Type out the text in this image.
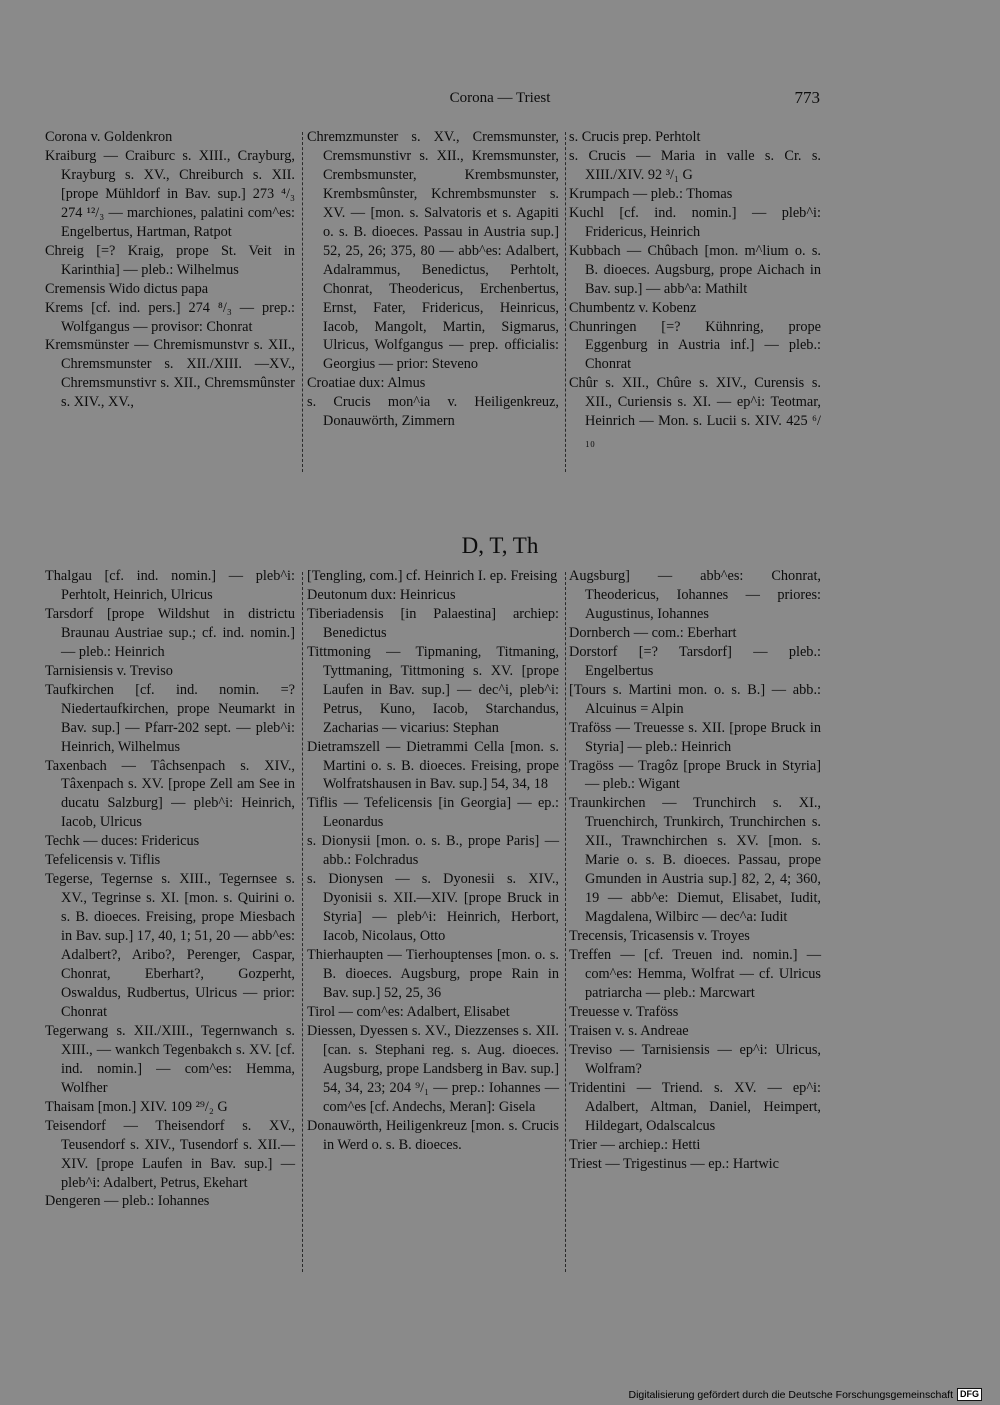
Corona — Triest	773

Corona v. Goldenkron

Kraiburg — Craiburc s. XIII., Crayburg, Krayburg s. XV., Chreiburch s. XII. [prope Mühldorf in Bav. sup.] 273 ⁴/₃ 274 ¹²/₃ — marchiones, palatini com^es: Engelbertus, Hartman, Ratpot

Chreig [=? Kraig, prope St. Veit in Karinthia] — pleb.: Wilhelmus

Cremensis Wido dictus papa

Krems [cf. ind. pers.] 274 ⁸/₃ — prep.: Wolfgangus — provisor: Chonrat

Kremsmünster — Chremismunstvr s. XII., Chremsmunster s. XII./XIII. —XV., Chremsmunstivr s. XII., Chremsmûnster s. XIV., XV.,

Chremzmunster s. XV., Cremsmunster, Cremsmunstivr s. XII., Kremsmunster, Crembsmunster, Krembsmunster, Krembsmûnster, Kchrembsmunster s. XV. — [mon. s. Salvatoris et s. Agapiti o. s. B. dioeces. Passau in Austria sup.] 52, 25, 26; 375, 80 — abb^es: Adalbert, Adalrammus, Benedictus, Perhtolt, Chonrat, Theodericus, Erchenbertus, Ernst, Fater, Fridericus, Heinricus, Iacob, Mangolt, Martin, Sigmarus, Ulricus, Wolfgangus — prep. officialis: Georgius — prior: Steveno

Croatiae dux: Almus

s. Crucis mon^ia v. Heiligenkreuz, Donauwörth, Zimmern

s. Crucis prep. Perhtolt

s. Crucis — Maria in valle s. Cr. s. XIII./XIV. 92 ³/₁ G

Krumpach — pleb.: Thomas

Kuchl [cf. ind. nomin.] — pleb^i: Fridericus, Heinrich

Kubbach — Chûbach [mon. m^lium o. s. B. dioeces. Augsburg, prope Aichach in Bav. sup.] — abb^a: Mathilt

Chumbentz v. Kobenz

Chunringen [=? Kühnring, prope Eggenburg in Austria inf.] — pleb.: Chonrat

Chûr s. XII., Chûre s. XIV., Curensis s. XII., Curiensis s. XI. — ep^i: Teotmar, Heinrich — Mon. s. Lucii s. XIV. 425 ⁶/₁₀

D, T, Th

Thalgau [cf. ind. nomin.] — pleb^i: Perhtolt, Heinrich, Ulricus

Tarsdorf [prope Wildshut in districtu Braunau Austriae sup.; cf. ind. nomin.] — pleb.: Heinrich

Tarnisiensis v. Treviso

Taufkirchen [cf. ind. nomin. =? Niedertaufkirchen, prope Neumarkt in Bav. sup.] — Pfarr-202 sept. — pleb^i: Heinrich, Wilhelmus

Taxenbach — Tâchsenpach s. XIV., Tâxenpach s. XV. [prope Zell am See in ducatu Salzburg] — pleb^i: Heinrich, Iacob, Ulricus

Techk — duces: Fridericus

Tefelicensis v. Tiflis

Tegerse, Tegernse s. XIII., Tegernsee s. XV., Tegrinse s. XI. [mon. s. Quirini o. s. B. dioeces. Freising, prope Miesbach in Bav. sup.] 17, 40, 1; 51, 20 — abb^es: Adalbert?, Aribo?, Perenger, Caspar, Chonrat, Eberhart?, Gozperht, Oswaldus, Rudbertus, Ulricus — prior: Chonrat

Tegerwang s. XII./XIII., Tegernwanch s. XIII., — wankch Tegenbakch s. XV. [cf. ind. nomin.] — com^es: Hemma, Wolfher

Thaisam [mon.] XIV. 109 ²⁹/₂ G

Teisendorf — Theisendorf s. XV., Teusendorf s. XIV., Tusendorf s. XII.—XIV. [prope Laufen in Bav. sup.] — pleb^i: Adalbert, Petrus, Ekehart

Dengeren — pleb.: Iohannes

[Tengling, com.] cf. Heinrich I. ep. Freising

Deutonum dux: Heinricus

Tiberiadensis [in Palaestina] archiep: Benedictus

Tittmoning — Tipmaning, Titmaning, Tyttmaning, Tittmoning s. XV. [prope Laufen in Bav. sup.] — dec^i, pleb^i: Petrus, Kuno, Iacob, Starchandus, Zacharias — vicarius: Stephan

Dietramszell — Dietrammi Cella [mon. s. Martini o. s. B. dioeces. Freising, prope Wolfratshausen in Bav. sup.] 54, 34, 18

Tiflis — Tefelicensis [in Georgia] — ep.: Leonardus

s. Dionysii [mon. o. s. B., prope Paris] — abb.: Folchradus

s. Dionysen — s. Dyonesii s. XIV., Dyonisii s. XII.—XIV. [prope Bruck in Styria] — pleb^i: Heinrich, Herbort, Iacob, Nicolaus, Otto

Thierhaupten — Tierhouptenses [mon. o. s. B. dioeces. Augsburg, prope Rain in Bav. sup.] 52, 25, 36

Tirol — com^es: Adalbert, Elisabet

Diessen, Dyessen s. XV., Diezzenses s. XII. [can. s. Stephani reg. s. Aug. dioeces. Augsburg, prope Landsberg in Bav. sup.] 54, 34, 23; 204 ⁹/₁ — prep.: Iohannes — com^es [cf. Andechs, Meran]: Gisela

Donauwörth, Heiligenkreuz [mon. s. Crucis in Werd o. s. B. dioeces.

Augsburg] — abb^es: Chonrat, Theodericus, Iohannes — priores: Augustinus, Iohannes

Dornberch — com.: Eberhart

Dorstorf [=? Tarsdorf] — pleb.: Engelbertus

[Tours s. Martini mon. o. s. B.] — abb.: Alcuinus = Alpin

Traföss — Treuesse s. XII. [prope Bruck in Styria] — pleb.: Heinrich

Tragöss — Tragôz [prope Bruck in Styria] — pleb.: Wigant

Traunkirchen — Trunchirch s. XI., Truenchirch, Trunkirch, Trunchirchen s. XII., Trawnchirchen s. XV. [mon. s. Marie o. s. B. dioeces. Passau, prope Gmunden in Austria sup.] 82, 2, 4; 360, 19 — abb^e: Diemut, Elisabet, Iudit, Magdalena, Wilbirc — dec^a: Iudit

Trecensis, Tricasensis v. Troyes

Treffen — [cf. Treuen ind. nomin.] — com^es: Hemma, Wolfrat — cf. Ulricus patriarcha — pleb.: Marcwart

Treuesse v. Traföss

Traisen v. s. Andreae

Treviso — Tarnisiensis — ep^i: Ulricus, Wolfram?

Tridentini — Triend. s. XV. — ep^i: Adalbert, Altman, Daniel, Heimpert, Hildegart, Odalscalcus

Trier — archiep.: Hetti

Triest — Trigestinus — ep.: Hartwic

Digitalisierung gefördert durch die Deutsche Forschungsgemeinschaft DFG
